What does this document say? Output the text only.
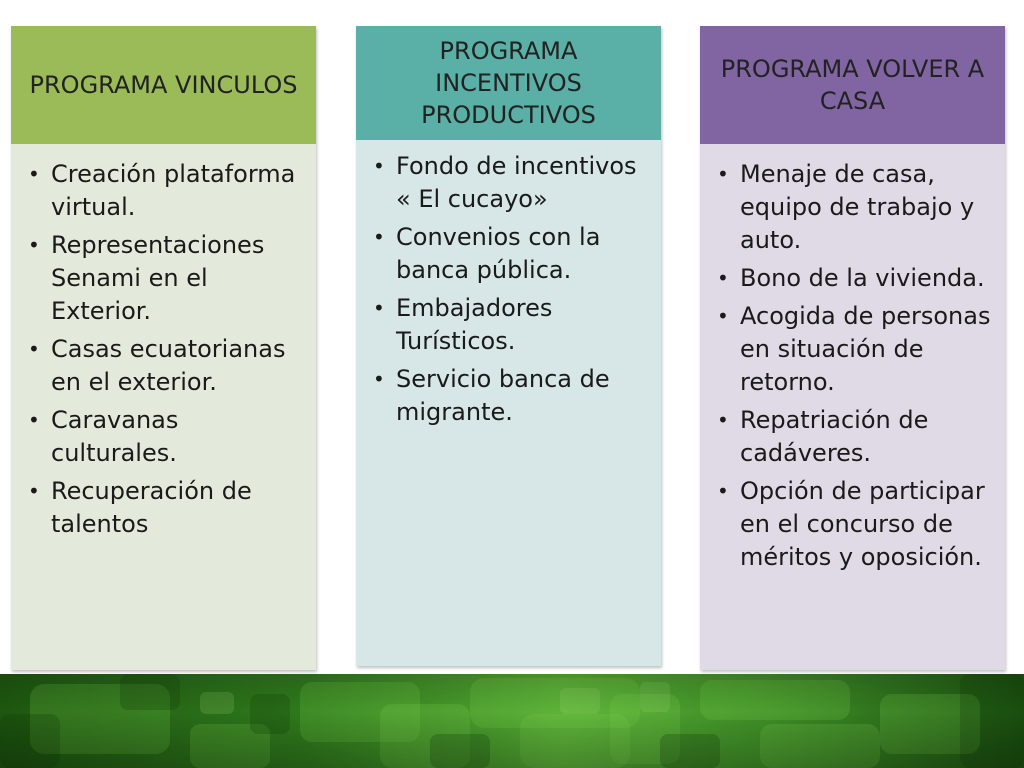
PROGRAMA VINCULOS
• Creación plataforma virtual.
• Representaciones Senami en el Exterior.
• Casas ecuatorianas en el exterior.
• Caravanas culturales.
• Recuperación de talentos
PROGRAMA INCENTIVOS PRODUCTIVOS
• Fondo de incentivos « El cucayo»
• Convenios con la banca pública.
• Embajadores Turísticos.
• Servicio banca de migrante.
PROGRAMA VOLVER A CASA
• Menaje de casa, equipo de trabajo y auto.
• Bono de la vivienda.
• Acogida de personas en situación de retorno.
• Repatriación de cadáveres.
• Opción de participar en el concurso de méritos y oposición.
